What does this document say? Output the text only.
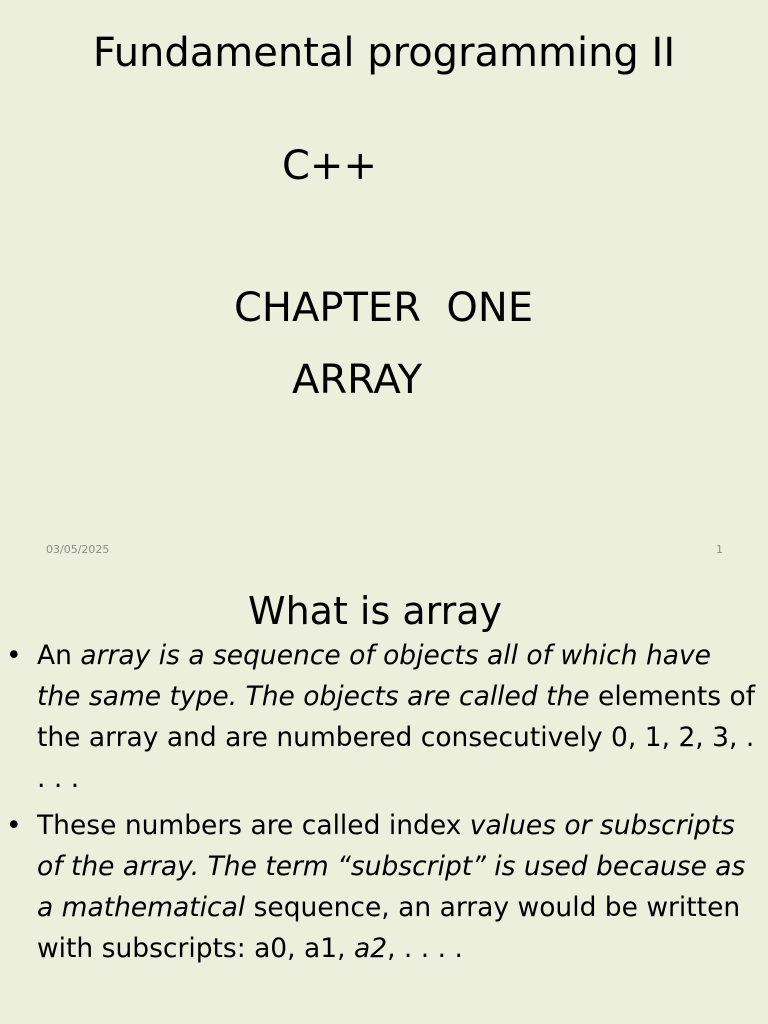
Fundamental programming II
C++
CHAPTER  ONE
ARRAY
03/05/2025	1
What is array
• An array is a sequence of objects all of which have the same type. The objects are called the elements of the array and are numbered consecutively 0, 1, 2, 3, . . . .
• These numbers are called index values or subscripts of the array. The term “subscript” is used because as a mathematical sequence, an array would be written with subscripts: a0, a1, a2, . . . .
